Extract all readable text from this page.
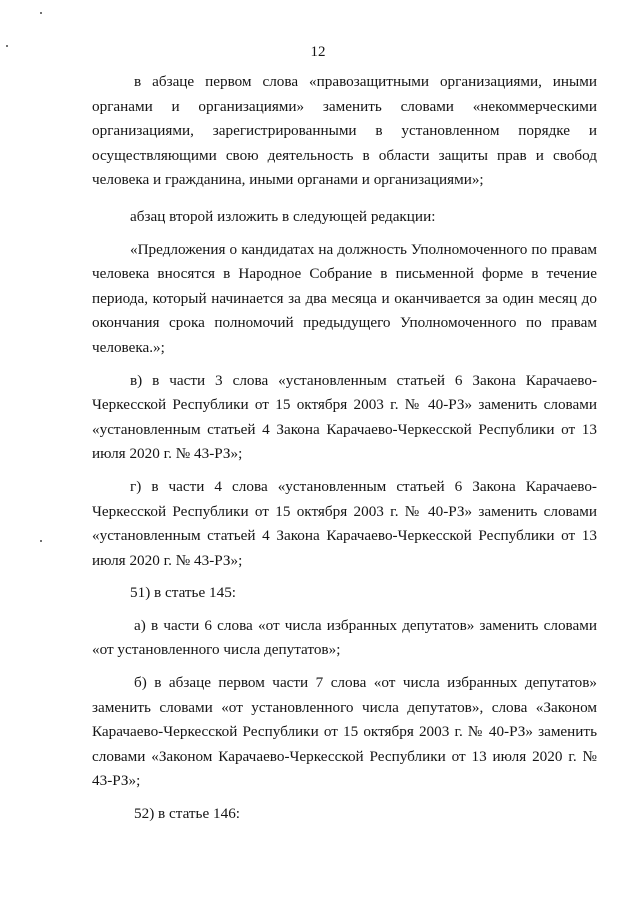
12

в абзаце первом слова «правозащитными организациями, иными органами и организациями» заменить словами «некоммерческими организациями, зарегистрированными в установленном порядке и осуществляющими свою деятельность в области защиты прав и свобод человека и гражданина, иными органами и организациями»;

абзац второй изложить в следующей редакции:

«Предложения о кандидатах на должность Уполномоченного по правам человека вносятся в Народное Собрание в письменной форме в течение периода, который начинается за два месяца и оканчивается за один месяц до окончания срока полномочий предыдущего Уполномоченного по правам человека.»;

в) в части 3 слова «установленным статьей 6 Закона Карачаево-Черкесской Республики от 15 октября 2003 г. № 40-РЗ» заменить словами «установленным статьей 4 Закона Карачаево-Черкесской Республики от 13 июля 2020 г. № 43-РЗ»;

г) в части 4 слова «установленным статьей 6 Закона Карачаево-Черкесской Республики от 15 октября 2003 г. № 40-РЗ» заменить словами «установленным статьей 4 Закона Карачаево-Черкесской Республики от 13 июля 2020 г. № 43-РЗ»;

51) в статье 145:

а) в части 6 слова «от числа избранных депутатов» заменить словами «от установленного числа депутатов»;

б) в абзаце первом части 7 слова «от числа избранных депутатов» заменить словами «от установленного числа депутатов», слова «Законом Карачаево-Черкесской Республики от 15 октября 2003 г. № 40-РЗ» заменить словами «Законом Карачаево-Черкесской Республики от 13 июля 2020 г. № 43-РЗ»;

52) в статье 146:
